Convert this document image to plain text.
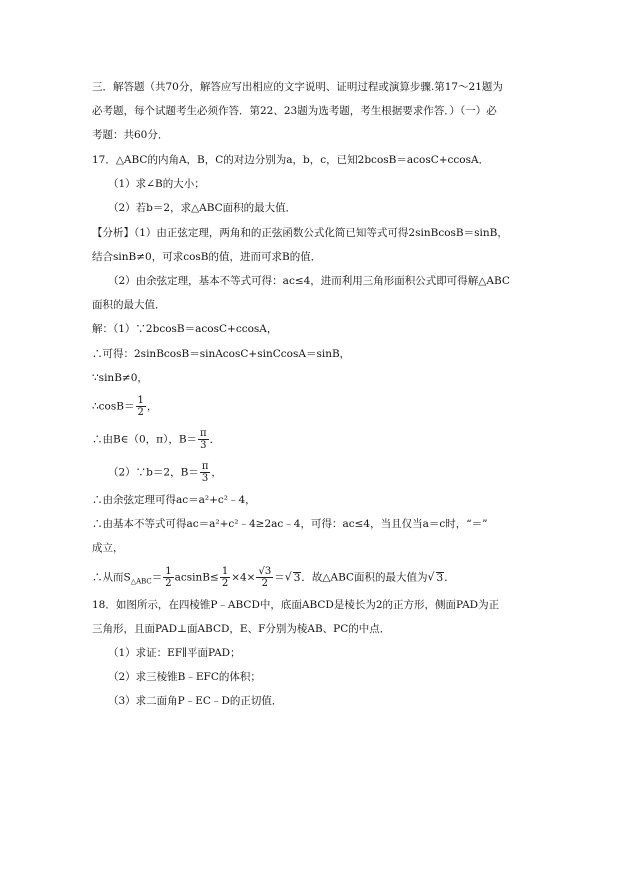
三．解答题（共70分，解答应写出相应的文字说明、证明过程或演算步骤.第17～21题为
必考题，每个试题考生必须作答．第22、23题为选考题，考生根据要求作答．）（一）必
考题：共60分．
17．△ABC的内角A，B，C的对边分别为a，b，c，已知2bcosB＝acosC+ccosA．
（1）求∠B的大小；
（2）若b＝2，求△ABC面积的最大值．
【分析】（1）由正弦定理，两角和的正弦函数公式化简已知等式可得2sinBcosB＝sinB，
结合sinB≠0，可求cosB的值，进而可求B的值．
（2）由余弦定理，基本不等式可得：ac≤4，进而利用三角形面积公式即可得解△ABC
面积的最大值．
解：（1）∵2bcosB＝acosC+ccosA，
∴可得：2sinBcosB＝sinAcosC+sinCcosA＝sinB，
∵sinB≠0，
∴cosB＝ $\frac{1}{2}$ ，
∴由B∈（0，π），$B= \frac{\pi}{3}$ ．
（2）∵b＝2，$B= \frac{\pi}{3}$ ，
∴由余弦定理可得ac＝a²+c²﹣4，
∴由基本不等式可得ac＝a²+c²﹣4≥2ac﹣4，可得：ac≤4，当且仅当a＝c时，“＝”
成立，
∴从而$S_{\triangle ABC}= \frac{1}{2} acsinB\le \frac{1}{2} \times 4\times \frac{√3}{2}$ ＝√ 3．故△ABC面积的最大值为√ 3．
18．如图所示，在四棱锥P﹣ABCD中，底面ABCD是棱长为2的正方形，侧面PAD为正
三角形，且面PAD⊥面ABCD，E、F分别为棱AB、PC的中点．
（1）求证：EF∥平面PAD；
（2）求三棱锥B﹣EFC的体积；
（3）求二面角P﹣EC﹣D的正切值．
